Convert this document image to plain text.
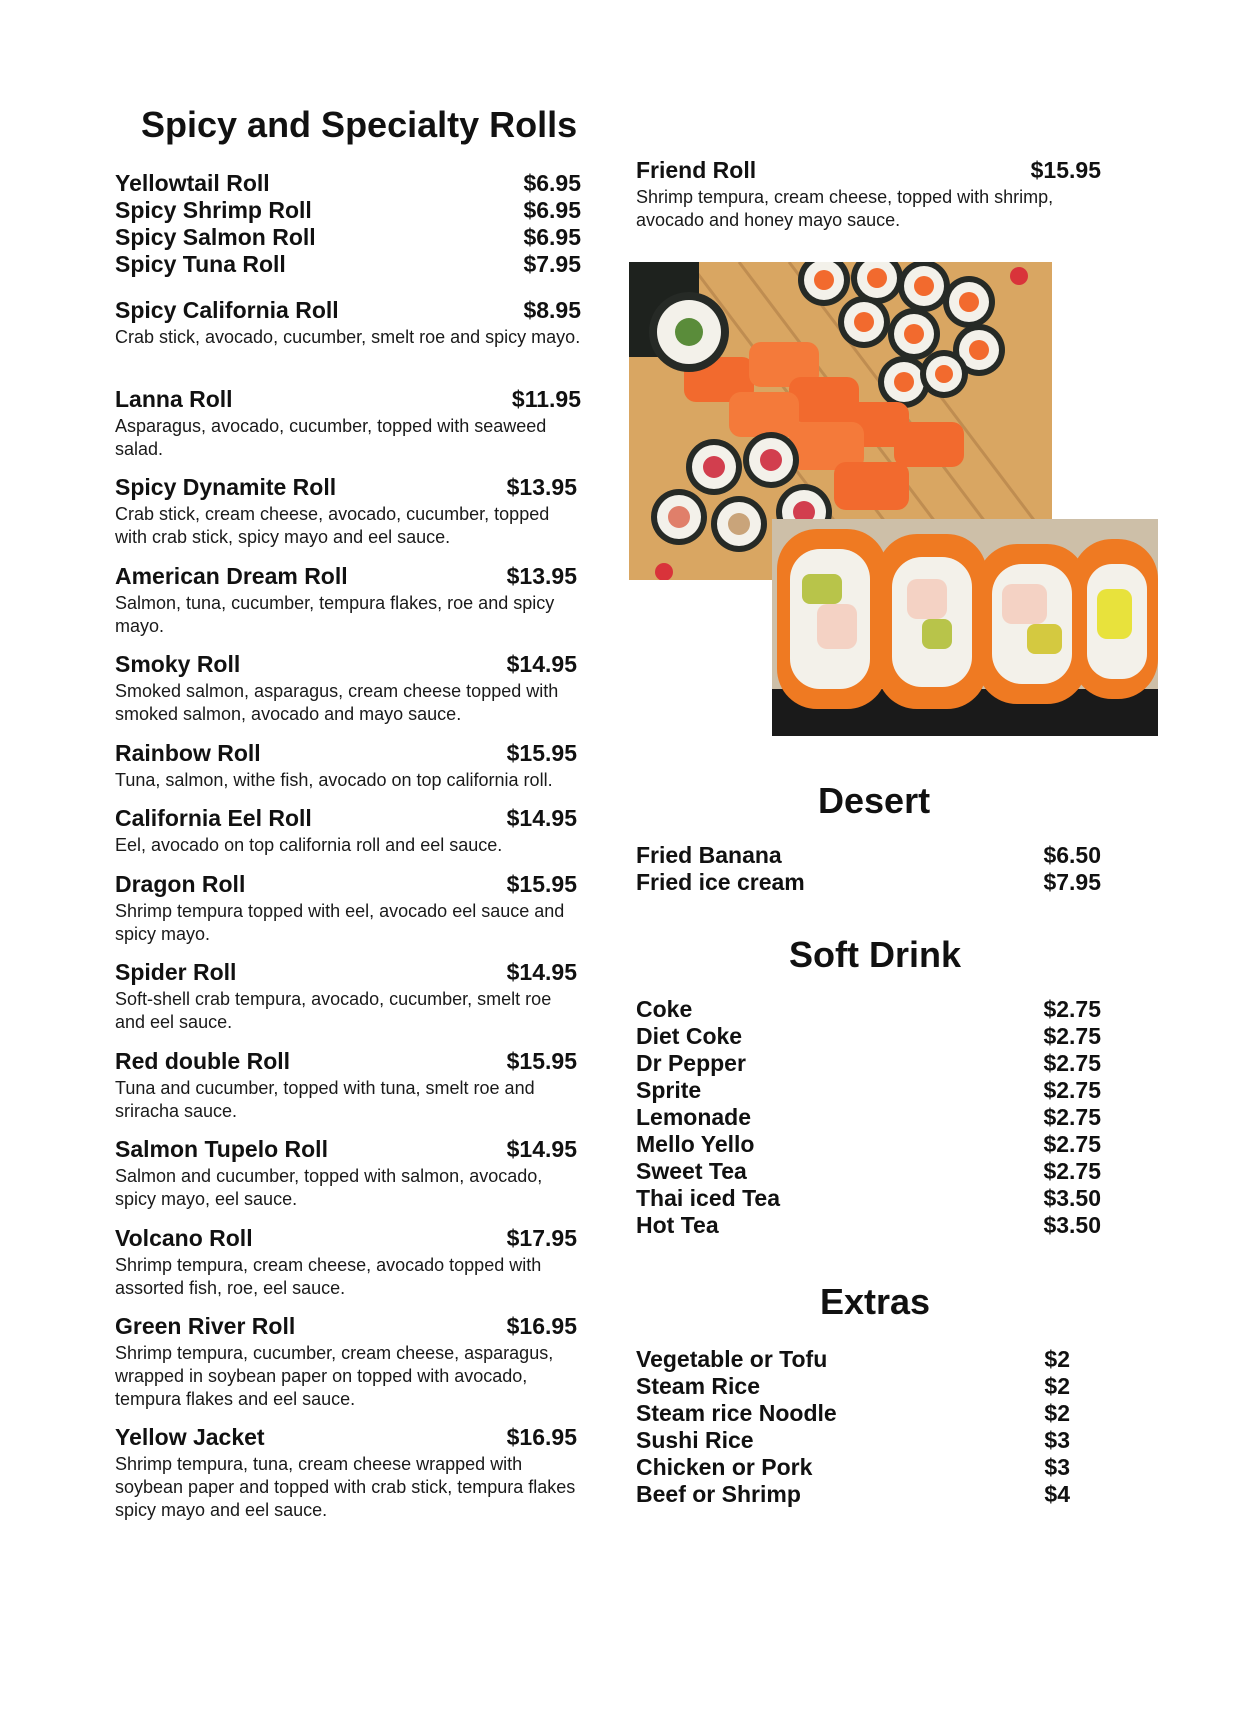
Spicy and Specialty Rolls
Yellowtail Roll	$6.95
Spicy Shrimp Roll	$6.95
Spicy Salmon Roll	$6.95
Spicy Tuna Roll	$7.95
Spicy California Roll	$8.95
Crab stick, avocado, cucumber, smelt roe and spicy mayo.
Lanna Roll	$11.95
Asparagus, avocado, cucumber, topped with seaweed salad.
Spicy Dynamite Roll	$13.95
Crab stick, cream cheese, avocado, cucumber, topped with crab stick, spicy mayo and eel sauce.
American Dream Roll	$13.95
Salmon, tuna, cucumber, tempura flakes, roe and spicy mayo.
Smoky Roll	$14.95
Smoked salmon, asparagus, cream cheese topped with smoked salmon, avocado and mayo sauce.
Rainbow Roll	$15.95
Tuna, salmon, withe fish, avocado on top california roll.
California Eel Roll	$14.95
Eel, avocado on top california roll and eel sauce.
Dragon Roll	$15.95
Shrimp tempura topped with eel, avocado eel sauce and spicy mayo.
Spider Roll	$14.95
Soft-shell crab tempura, avocado, cucumber, smelt roe and eel sauce.
Red double Roll	$15.95
Tuna and cucumber, topped with tuna, smelt roe and sriracha sauce.
Salmon Tupelo Roll	$14.95
Salmon and cucumber, topped with salmon, avocado, spicy mayo, eel sauce.
Volcano Roll	$17.95
Shrimp tempura, cream cheese, avocado topped with assorted fish, roe, eel sauce.
Green River Roll	$16.95
Shrimp tempura, cucumber, cream cheese, asparagus, wrapped in soybean paper on topped with avocado, tempura flakes and eel sauce.
Yellow Jacket	$16.95
Shrimp tempura, tuna, cream cheese wrapped with soybean paper and topped with crab stick, tempura flakes spicy mayo and eel sauce.
Friend Roll	$15.95
Shrimp tempura, cream cheese, topped with shrimp, avocado and honey mayo sauce.
Desert
Fried Banana	$6.50
Fried ice cream	$7.95
Soft Drink
Coke	$2.75
Diet Coke	$2.75
Dr Pepper	$2.75
Sprite	$2.75
Lemonade	$2.75
Mello Yello	$2.75
Sweet Tea	$2.75
Thai iced Tea	$3.50
Hot Tea	$3.50
Extras
Vegetable or Tofu	$2
Steam Rice	$2
Steam rice Noodle	$2
Sushi Rice	$3
Chicken or Pork	$3
Beef or Shrimp	$4
